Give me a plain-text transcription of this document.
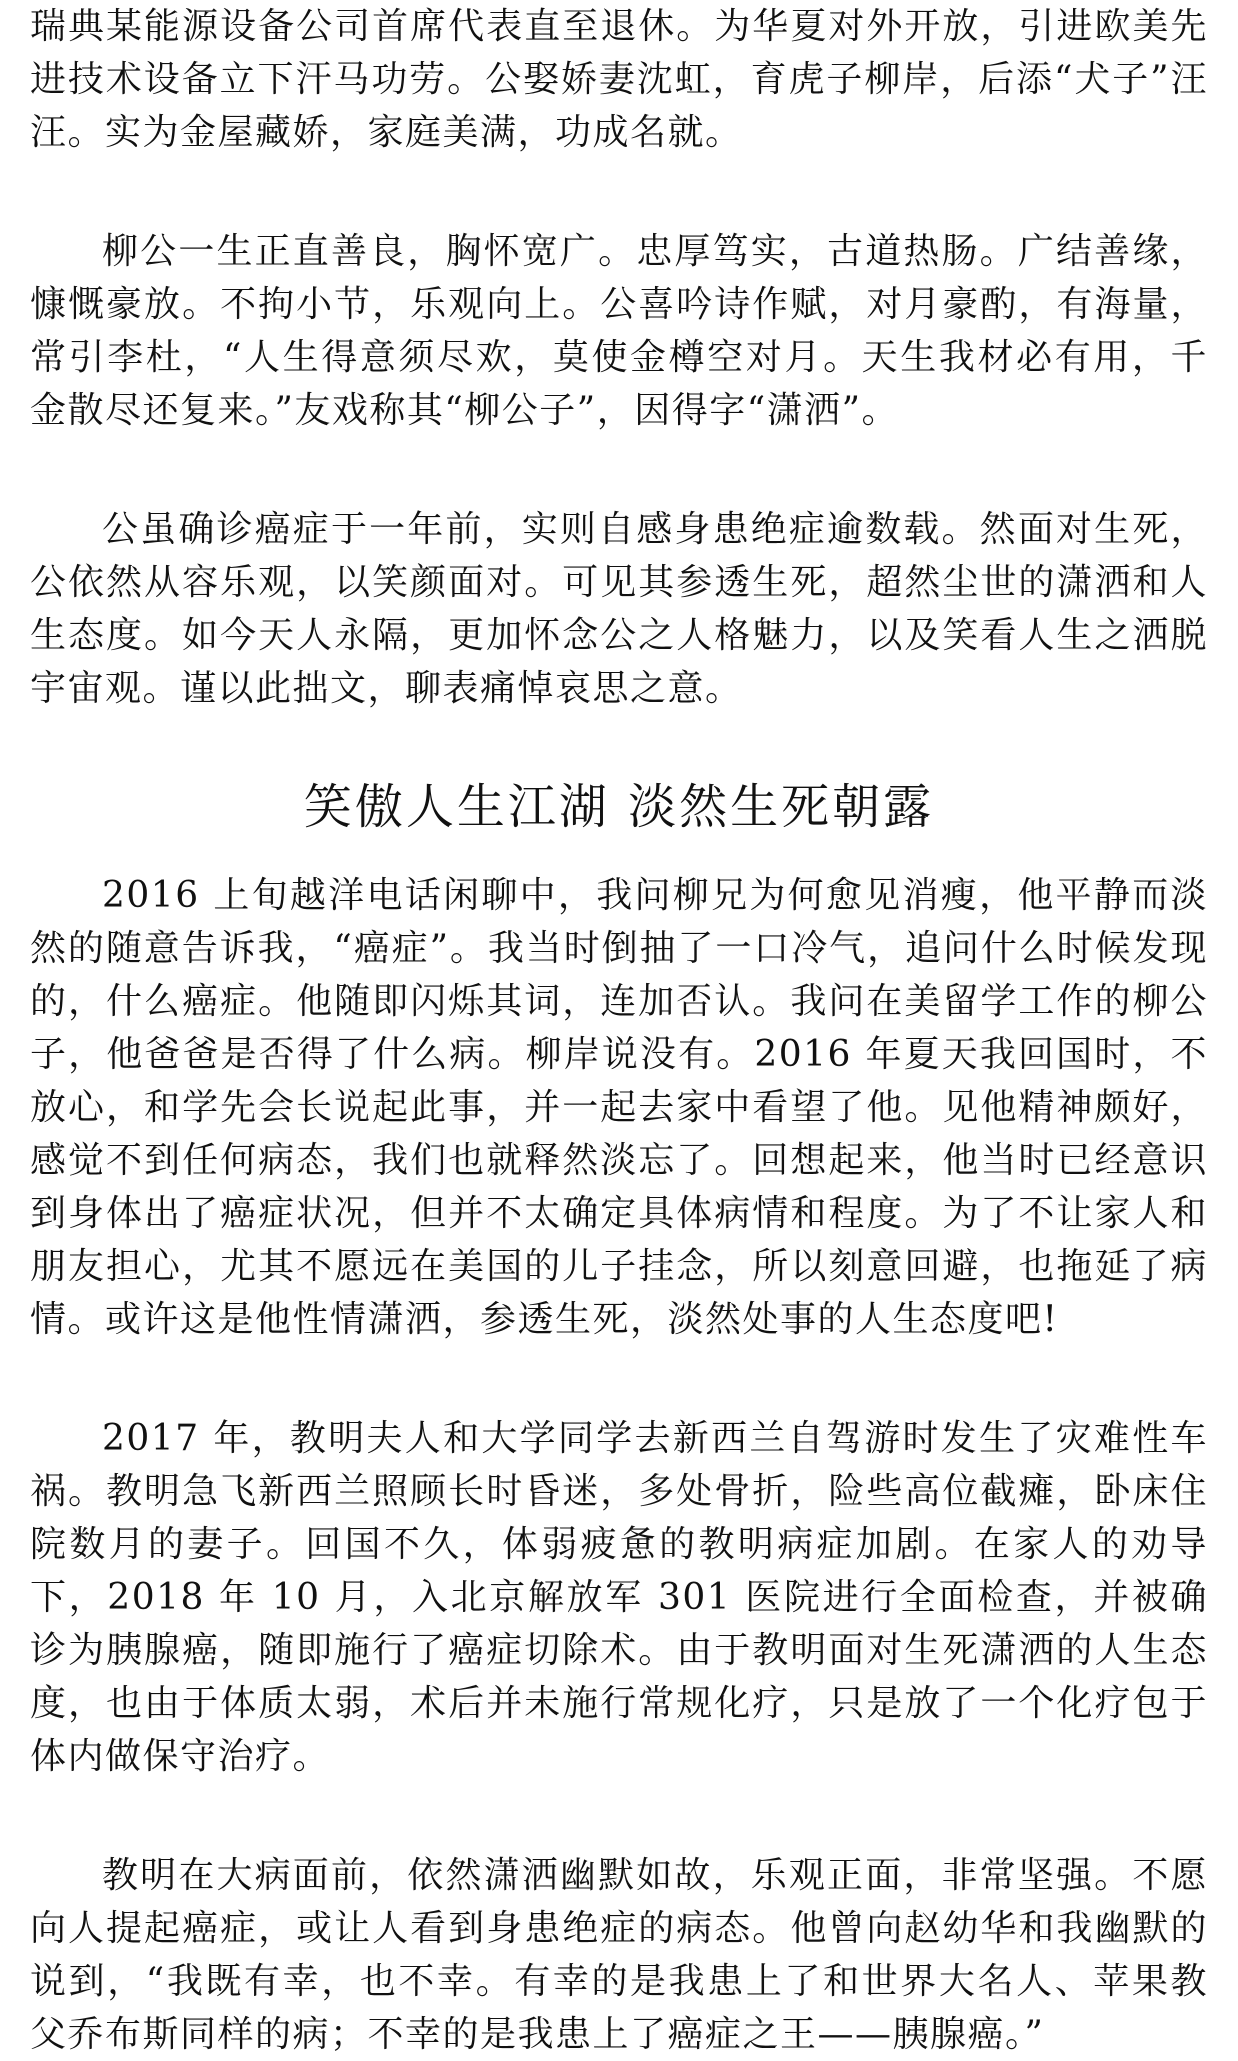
瑞典某能源设备公司首席代表直至退休。为华夏对外开放，引进欧美先进技术设备立下汗马功劳。公娶娇妻沈虹，育虎子柳岸，后添“犬子”汪汪。实为金屋藏娇，家庭美满，功成名就。

柳公一生正直善良，胸怀宽广。忠厚笃实，古道热肠。广结善缘，慷慨豪放。不拘小节，乐观向上。公喜吟诗作赋，对月豪酌，有海量，常引李杜，“人生得意须尽欢，莫使金樽空对月。天生我材必有用，千金散尽还复来。”友戏称其“柳公子”，因得字“潇洒”。

公虽确诊癌症于一年前，实则自感身患绝症逾数载。然面对生死，公依然从容乐观，以笑颜面对。可见其参透生死，超然尘世的潇洒和人生态度。如今天人永隔，更加怀念公之人格魅力，以及笑看人生之洒脱宇宙观。谨以此拙文，聊表痛悼哀思之意。

笑傲人生江湖 淡然生死朝露

2016 上旬越洋电话闲聊中，我问柳兄为何愈见消瘦，他平静而淡然的随意告诉我，“癌症”。我当时倒抽了一口冷气，追问什么时候发现的，什么癌症。他随即闪烁其词，连加否认。我问在美留学工作的柳公子，他爸爸是否得了什么病。柳岸说没有。2016 年夏天我回国时，不放心，和学先会长说起此事，并一起去家中看望了他。见他精神颇好，感觉不到任何病态，我们也就释然淡忘了。回想起来，他当时已经意识到身体出了癌症状况，但并不太确定具体病情和程度。为了不让家人和朋友担心，尤其不愿远在美国的儿子挂念，所以刻意回避，也拖延了病情。或许这是他性情潇洒，参透生死，淡然处事的人生态度吧!

2017 年，教明夫人和大学同学去新西兰自驾游时发生了灾难性车祸。教明急飞新西兰照顾长时昏迷，多处骨折，险些高位截瘫，卧床住院数月的妻子。回国不久，体弱疲惫的教明病症加剧。在家人的劝导下，2018 年 10 月，入北京解放军 301 医院进行全面检查，并被确诊为胰腺癌，随即施行了癌症切除术。由于教明面对生死潇洒的人生态度，也由于体质太弱，术后并未施行常规化疗，只是放了一个化疗包于体内做保守治疗。

教明在大病面前，依然潇洒幽默如故，乐观正面，非常坚强。不愿向人提起癌症，或让人看到身患绝症的病态。他曾向赵幼华和我幽默的说到，“我既有幸，也不幸。有幸的是我患上了和世界大名人、苹果教父乔布斯同样的病；不幸的是我患上了癌症之王——胰腺癌。”
